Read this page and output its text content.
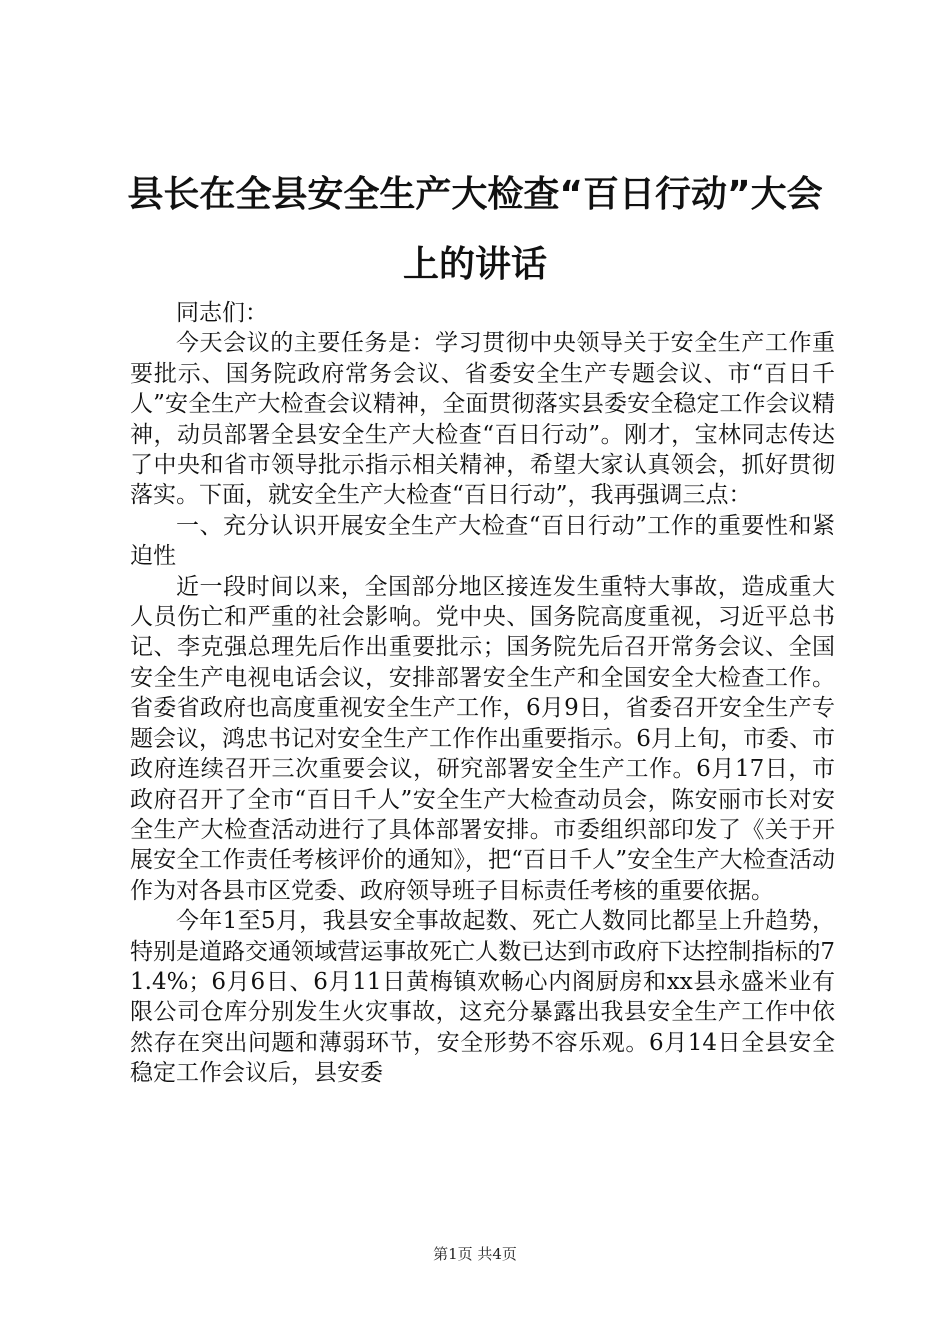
县长在全县安全生产大检查“百日行动”大会上的讲话

同志们：

今天会议的主要任务是：学习贯彻中央领导关于安全生产工作重要批示、国务院政府常务会议、省委安全生产专题会议、市“百日千人”安全生产大检查会议精神，全面贯彻落实县委安全稳定工作会议精神，动员部署全县安全生产大检查“百日行动”。刚才，宝林同志传达了中央和省市领导批示指示相关精神，希望大家认真领会，抓好贯彻落实。下面，就安全生产大检查“百日行动”，我再强调三点：

一、充分认识开展安全生产大检查“百日行动”工作的重要性和紧迫性

近一段时间以来，全国部分地区接连发生重特大事故，造成重大人员伤亡和严重的社会影响。党中央、国务院高度重视，习近平总书记、李克强总理先后作出重要批示；国务院先后召开常务会议、全国安全生产电视电话会议，安排部署安全生产和全国安全大检查工作。省委省政府也高度重视安全生产工作，6月9日，省委召开安全生产专题会议，鸿忠书记对安全生产工作作出重要指示。6月上旬，市委、市政府连续召开三次重要会议，研究部署安全生产工作。6月17日，市政府召开了全市“百日千人”安全生产大检查动员会，陈安丽市长对安全生产大检查活动进行了具体部署安排。市委组织部印发了《关于开展安全工作责任考核评价的通知》，把“百日千人”安全生产大检查活动作为对各县市区党委、政府领导班子目标责任考核的重要依据。

今年1至5月，我县安全事故起数、死亡人数同比都呈上升趋势，特别是道路交通领域营运事故死亡人数已达到市政府下达控制指标的71.4%；6月6日、6月11日黄梅镇欢畅心内阁厨房和xx县永盛米业有限公司仓库分别发生火灾事故，这充分暴露出我县安全生产工作中依然存在突出问题和薄弱环节，安全形势不容乐观。6月14日全县安全稳定工作会议后，县安委

第1页 共4页
